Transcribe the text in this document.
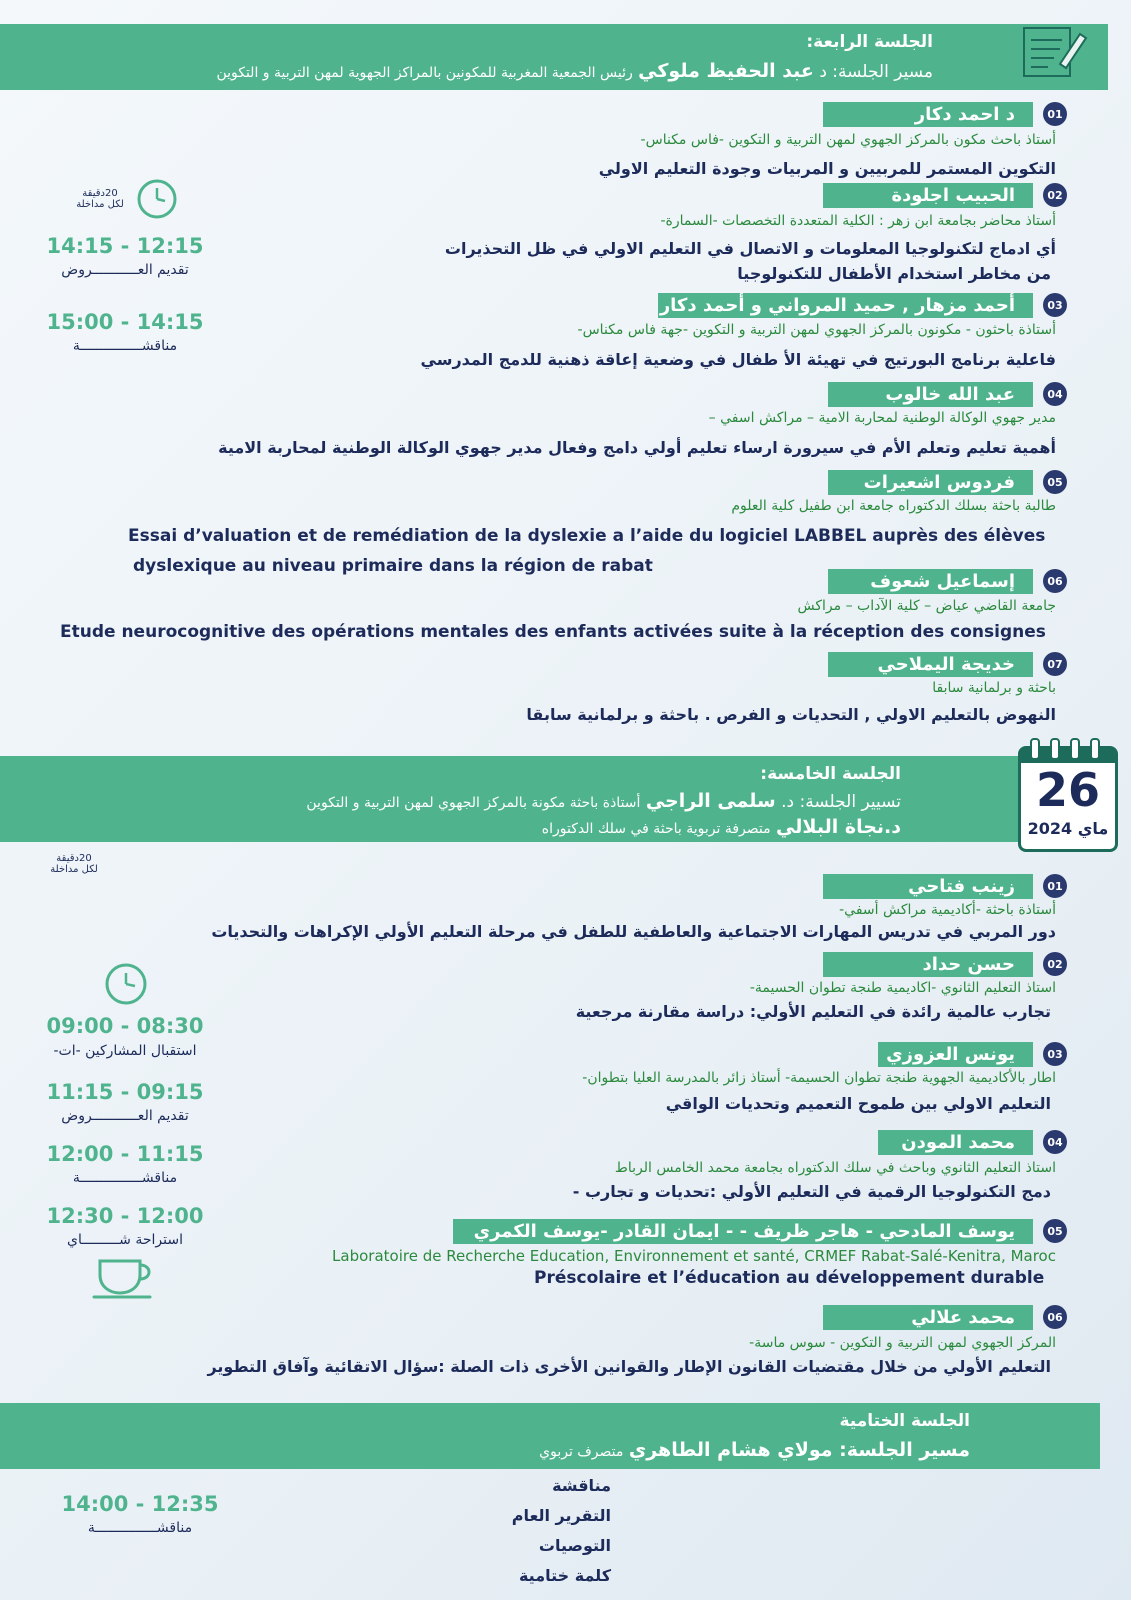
الجلسة الرابعة:
مسير الجلسة: د عبد الحفيظ ملوكي رئيس الجمعية المغربية للمكونين بالمراكز الجهوية لمهن التربية و التكوين
20دقيقة
لكل مداخلة
14:15 - 12:15
تقديم العـــــــــــروض
15:00 - 14:15
مناقشـــــــــــــــة
د احمد دكار	01
أستاذ باحث مكون بالمركز الجهوي لمهن التربية و التكوين -فاس مكناس-
التكوين المستمر للمربيين و المربيات وجودة التعليم الاولي
الحبيب اجلودة	02
أستاذ محاضر بجامعة ابن زهر : الكلية المتعددة التخصصات -السمارة-
أي ادماج لتكنولوجيا المعلومات و الاتصال في التعليم الاولي في ظل التحذيرات
من مخاطر استخدام الأطفال للتكنولوجيا
أحمد مزهار , حميد المرواني و أحمد دكار	03
أستاذة باحثون - مكونون بالمركز الجهوي لمهن التربية و التكوين -جهة فاس مكناس-
فاعلية برنامج البورتيج في تهيئة الأ طفال في وضعية إعاقة ذهنية للدمج المدرسي
عبد الله خالوب	04
مدير جهوي الوكالة الوطنية لمحاربة الامية – مراكش اسفي –
أهمية تعليم وتعلم الأم في سيرورة ارساء تعليم أولي دامج وفعال مدير جهوي الوكالة الوطنية لمحاربة الامية
فردوس اشعيرات	05
طالبة باحثة بسلك الدكتوراه جامعة ابن طفيل كلية العلوم
Essai d’valuation et de remédiation de la dyslexie a l’aide du logiciel LABBEL auprès des élèves
dyslexique au niveau primaire dans la région de rabat
إسماعيل شعوف	06
جامعة القاضي عياض – كلية الآداب – مراكش
Etude neurocognitive des opérations mentales des enfants activées suite à la réception des consignes
خديجة اليملاحي	07
باحثة و برلمانية سابقا
النهوض بالتعليم الاولي , التحديات و الفرص . باحثة و برلمانية سابقا
الجلسة الخامسة:
تسيير الجلسة: د. سلمى الراجي أستاذة باحثة مكونة بالمركز الجهوي لمهن التربية و التكوين
د.نجاة البلالي متصرفة تربوية باحثة في سلك الدكتوراه
26
ماي 2024
20دقيقة
لكل مداخلة
09:00 - 08:30
استقبال المشاركين -ات-
11:15 - 09:15
تقديم العـــــــــــروض
12:00 - 11:15
مناقشـــــــــــــــة
12:30 - 12:00
استراحة شـــــــــاي
زينب فتاحي	01
أستاذة باحثة -أكاديمية مراكش أسفي-
دور المربي في تدريس المهارات الاجتماعية والعاطفية للطفل في مرحلة التعليم الأولي الإكراهات والتحديات
حسن حداد	02
استاذ التعليم الثانوي -اكاديمية طنجة تطوان الحسيمة-
تجارب عالمية رائدة في التعليم الأولي: دراسة مقارنة مرجعية
يونس العزوزي	03
اطار بالأكاديمية الجهوية طنجة تطوان الحسيمة- أستاذ زائر بالمدرسة العليا بتطوان-
التعليم الاولي بين طموح التعميم وتحديات الواقي
محمد المودن	04
استاذ التعليم الثانوي وباحث في سلك الدكتوراه بجامعة محمد الخامس الرباط
دمج التكنولوجيا الرقمية في التعليم الأولي :تحديات و تجارب -
يوسف المادحي - هاجر ظريف - - ايمان القادر -يوسف الكمري	05
Laboratoire de Recherche Education, Environnement et santé, CRMEF Rabat-Salé-Kenitra, Maroc
Préscolaire et l’éducation au développement durable
محمد علالي	06
المركز الجهوي لمهن التربية و التكوين - سوس ماسة-
التعليم الأولي من خلال مقتضيات القانون الإطار والقوانين الأخرى ذات الصلة :سؤال الاتقائية وآفاق التطوير
الجلسة الختامية
مسير الجلسة: مولاي هشام الطاهري متصرف تربوي
14:00 - 12:35
مناقشـــــــــــــــة
مناقشة
التقرير العام
التوصيات
كلمة ختامية
